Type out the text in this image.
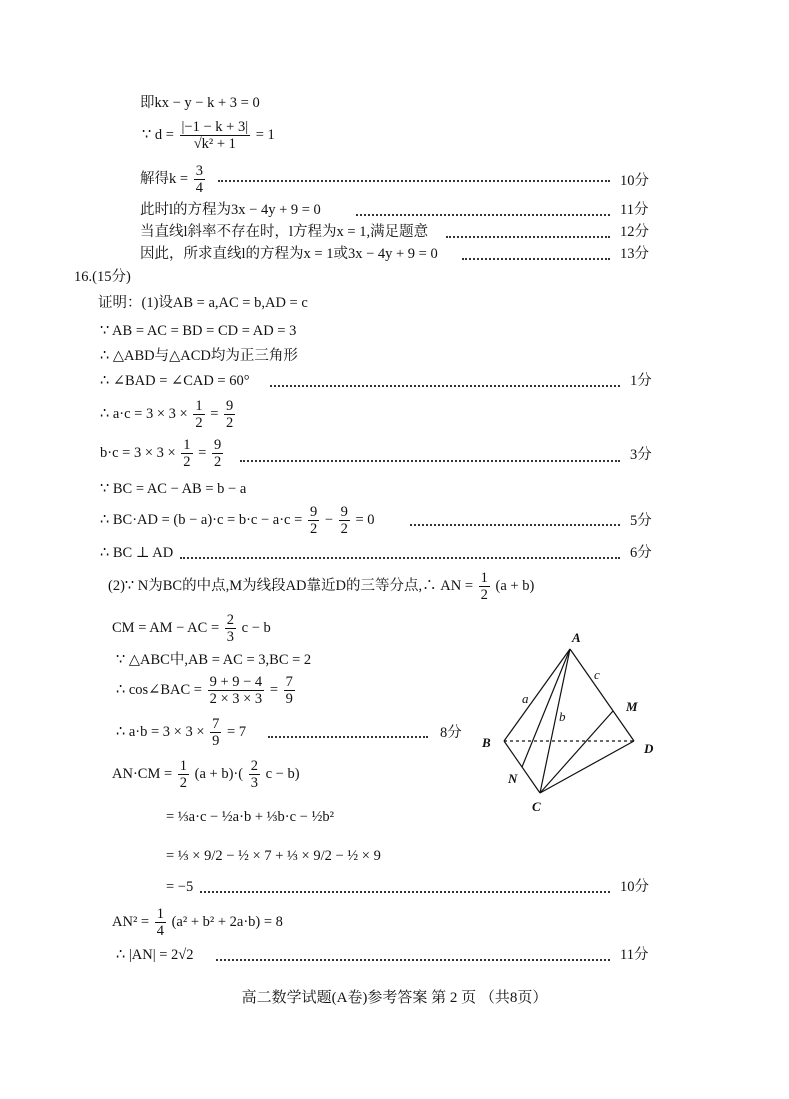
即kx − y − k + 3 = 0
∵ $d = \frac{|-1 - k + 3|}{\text{√k² + 1}} = 1$
解得$k = \frac{3}{4}$	10分
此时l的方程为3x − 4y + 9 = 0	11分
当直线l斜率不存在时，l方程为x = 1,满足题意	12分
因此，所求直线l的方程为x = 1或3x − 4y + 9 = 0	13分
16.(15分)
证明：(1)设AB = a,AC = b,AD = c
∵ AB = AC = BD = CD = AD = 3
∴ △ABD与△ACD均为正三角形
∴ ∠BAD = ∠CAD = 60°	1分
∴ $a\cdot c = 3 \times 3 \times \frac{1}{2} = \frac{9}{2}$
$b\cdot c = 3 \times 3 \times \frac{1}{2} = \frac{9}{2}$	3分
∵ BC = AC − AB = b − a
∴ $BC\cdot AD = (b - a)\cdot c = b\cdot c - a\cdot c = \frac{9}{2} - \frac{9}{2} = 0$	5分
∴ BC ⊥ AD	6分
(2)∵ N为BC的中点,M为线段AD靠近D的三等分点,∴ AN = $\frac{1}{2} (a + b)$
CM = AM − AC = $\frac{2}{3}$ c − b
∵ △ABC中,AB = AC = 3,BC = 2
∴ cos∠BAC = $\frac{9 + 9 - 4}{2 \times 3 \times 3} = \frac{7}{9}$
∴ $a\cdot b = 3 \times 3 \times \frac{7}{9} = 7$	8分
$AN\cdot CM = \frac{1}{2} (a + b)\cdot( \frac{2}{3}$ c − b)
= ⅓a·c − ½a·b + ⅓b·c − ½b²
= ⅓ × 9/2 − ½ × 7 + ⅓ × 9/2 − ½ × 9
= −5	10分
$AN^2 = \frac{1}{4} (a^2 + b^2 + 2a\cdot b) = 8$
∴ |AN| = 2√2	11分
A
B
C
D
M
N
a
b
c
高二数学试题(A卷)参考答案 第 2 页 （共8页）
